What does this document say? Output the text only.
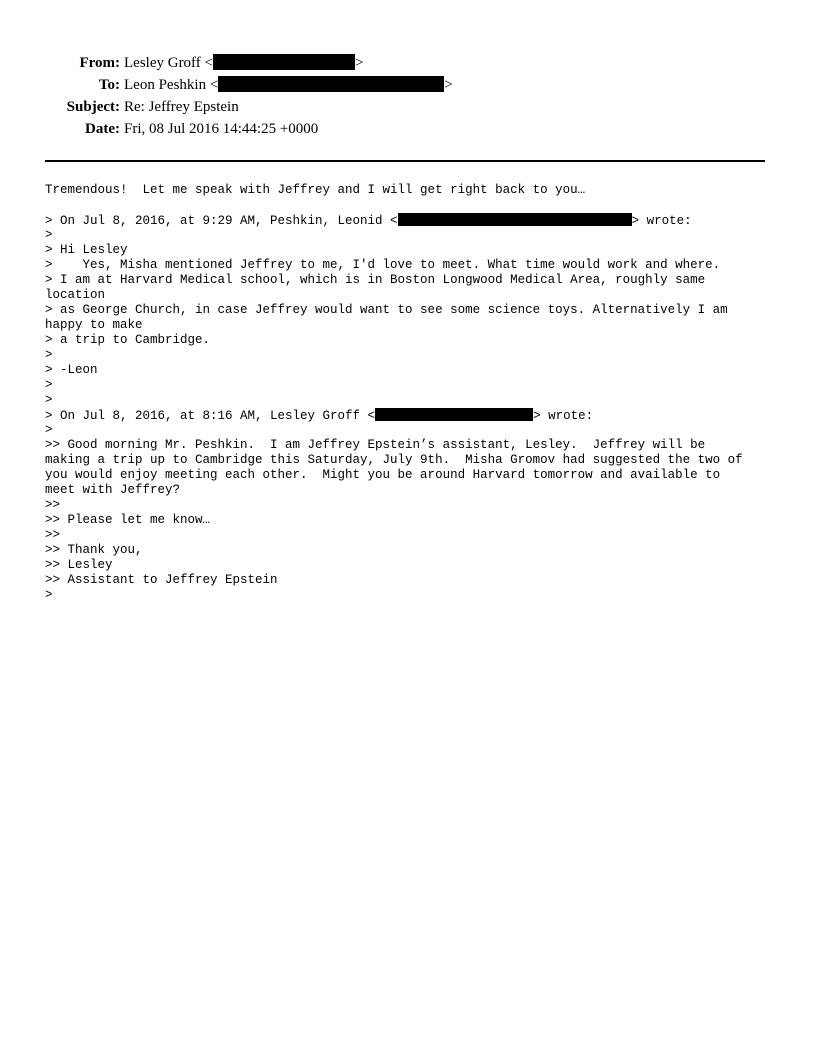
From: Lesley Groff <	>
To: Leon Peshkin <	>
Subject: Re: Jeffrey Epstein
Date: Fri, 08 Jul 2016 14:44:25 +0000
Tremendous!  Let me speak with Jeffrey and I will get right back to you…
> On Jul 8, 2016, at 9:29 AM, Peshkin, Leonid <	> wrote:
>
> Hi Lesley
>    Yes, Misha mentioned Jeffrey to me, I'd love to meet. What time would work and where.
> I am at Harvard Medical school, which is in Boston Longwood Medical Area, roughly same
location
> as George Church, in case Jeffrey would want to see some science toys. Alternatively I am
happy to make
> a trip to Cambridge.
>
> -Leon
>
>
> On Jul 8, 2016, at 8:16 AM, Lesley Groff <	> wrote:
>
>> Good morning Mr. Peshkin.  I am Jeffrey Epstein’s assistant, Lesley.  Jeffrey will be
making a trip up to Cambridge this Saturday, July 9th.  Misha Gromov had suggested the two of
you would enjoy meeting each other.  Might you be around Harvard tomorrow and available to
meet with Jeffrey?
>>
>> Please let me know…
>>
>> Thank you,
>> Lesley
>> Assistant to Jeffrey Epstein
>
